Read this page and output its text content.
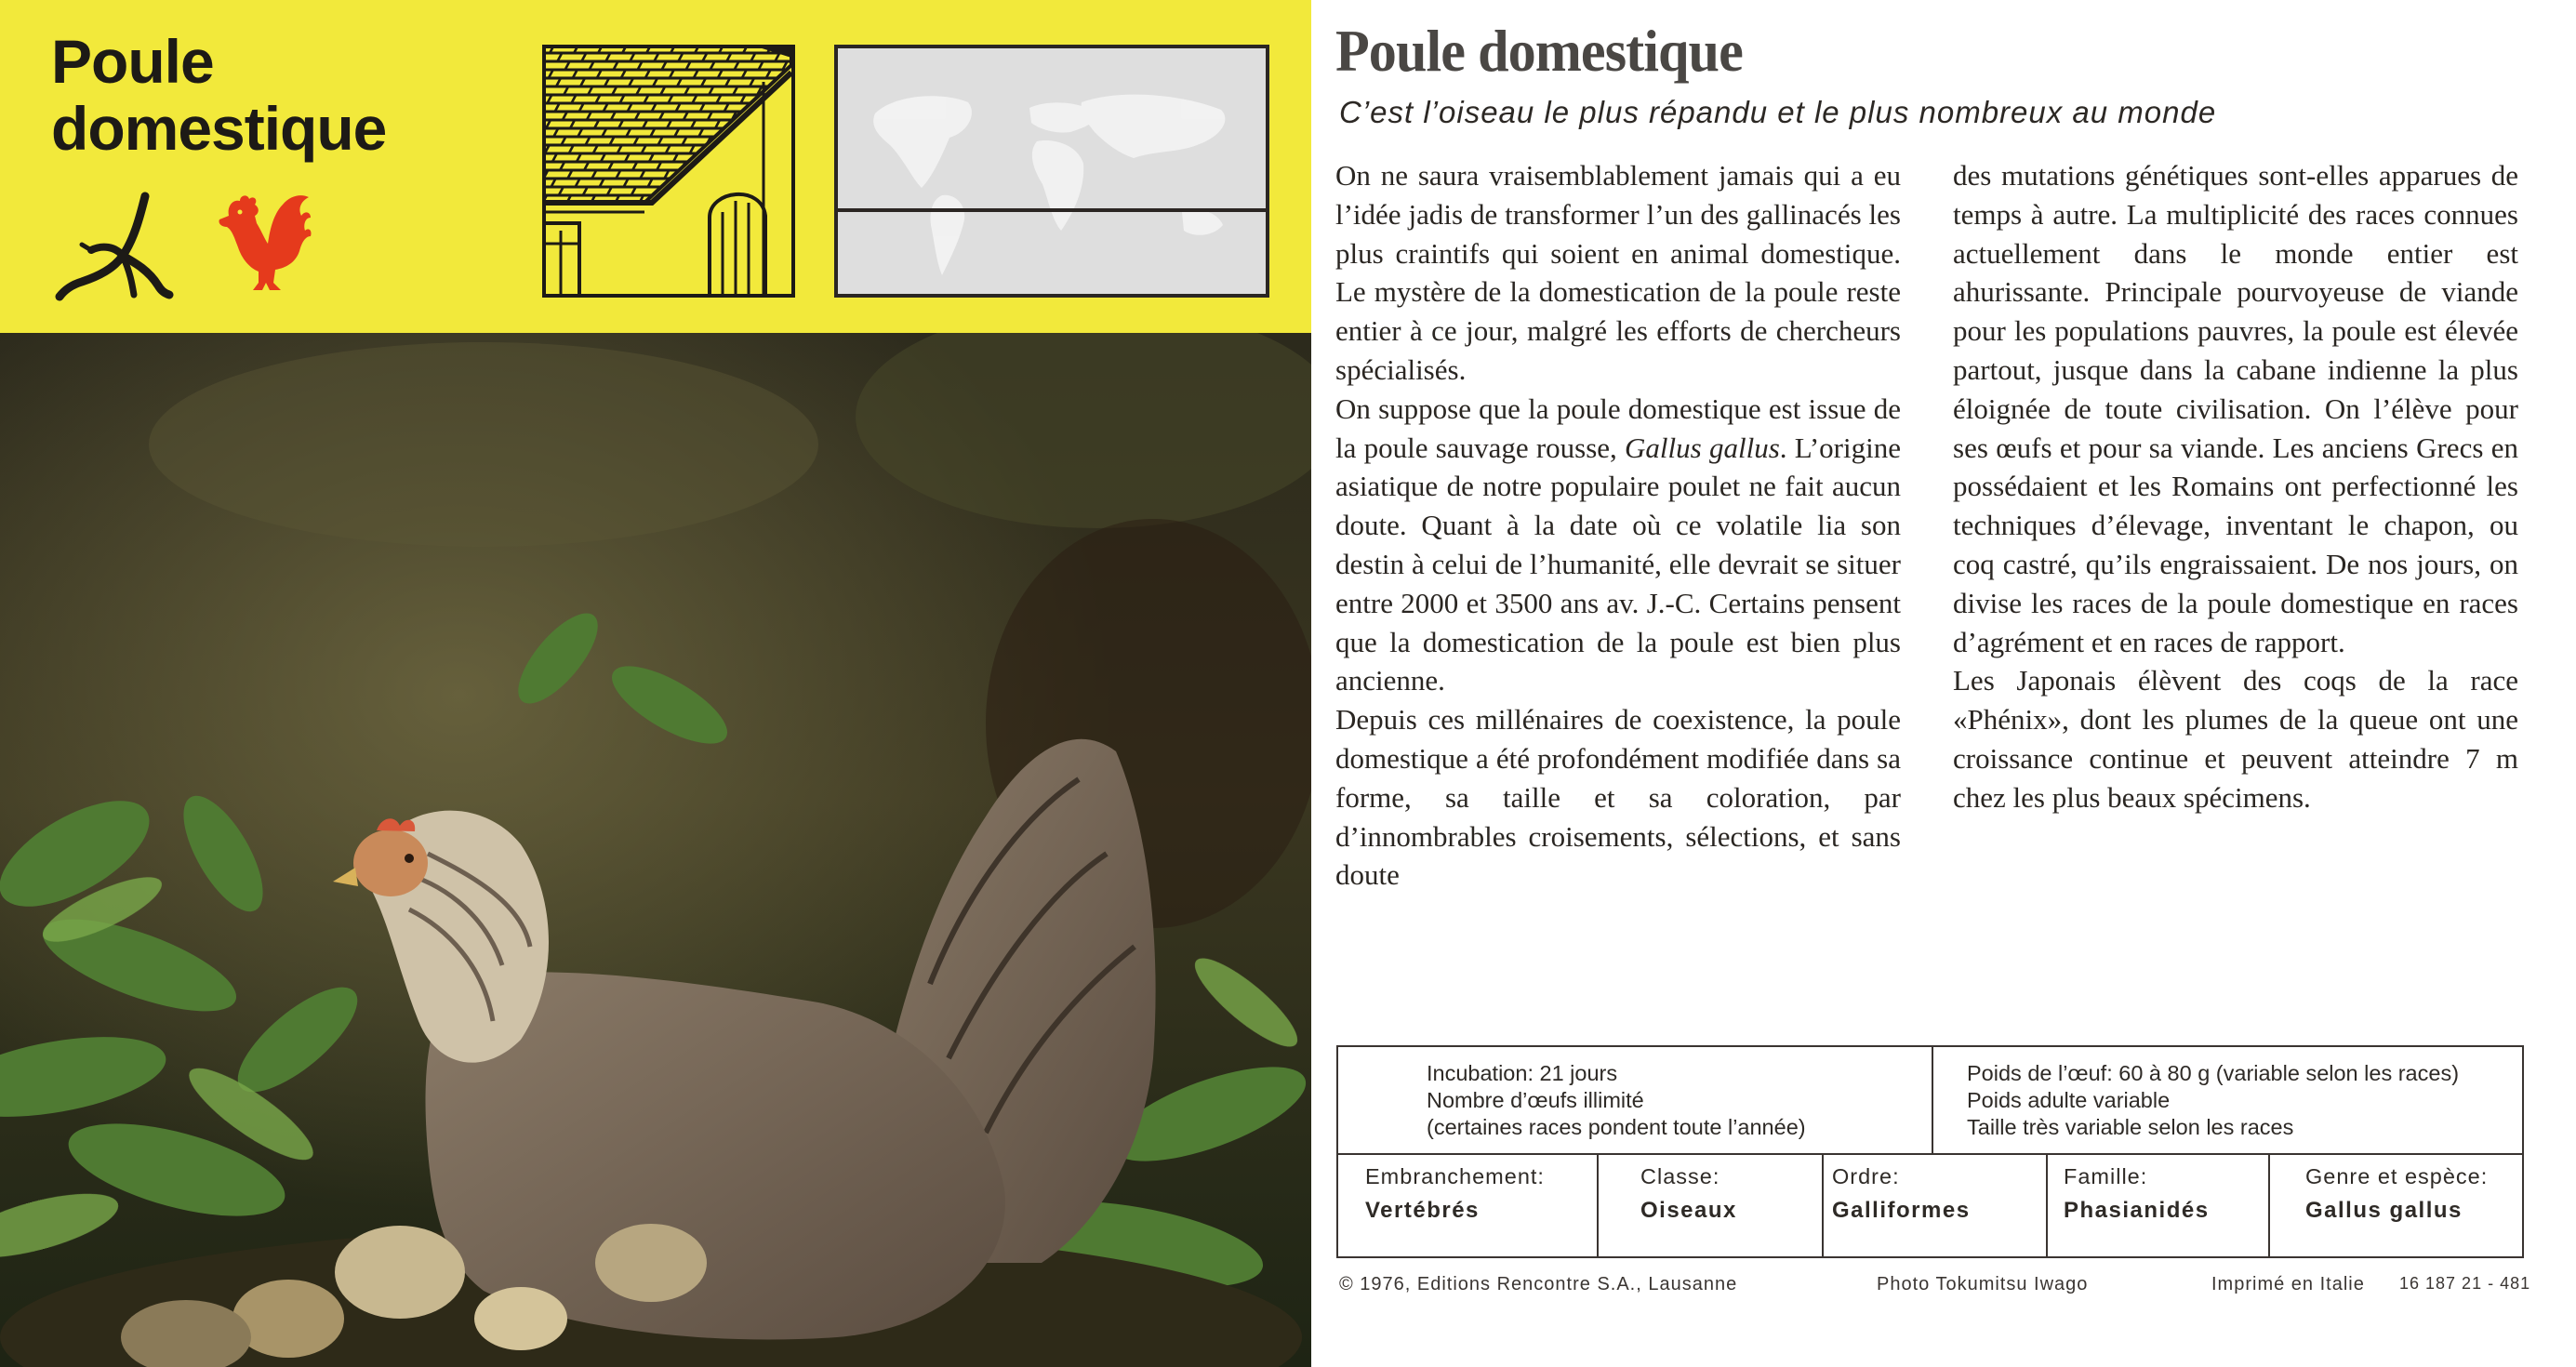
Poule
domestique
Poule domestique
C’est l’oiseau le plus répandu et le plus nombreux au monde

On ne saura vraisemblablement jamais qui a eu l’idée jadis de transformer l’un des gallinacés les plus craintifs qui soient en animal domestique. Le mystère de la domestication de la poule reste entier à ce jour, malgré les efforts de chercheurs spécialisés.

On suppose que la poule domestique est issue de la poule sauvage rousse, Gallus gallus. L’origine asiatique de notre populaire poulet ne fait aucun doute. Quant à la date où ce volatile lia son destin à celui de l’humanité, elle devrait se situer entre 2000 et 3500 ans av. J.-C. Certains pensent que la domestication de la poule est bien plus ancienne.

Depuis ces millénaires de coexistence, la poule domestique a été profondément modifiée dans sa forme, sa taille et sa coloration, par d’innombrables croisements, sélections, et sans doute

des mutations génétiques sont-elles apparues de temps à autre. La multiplicité des races connues actuellement dans le monde entier est ahurissante. Principale pourvoyeuse de viande pour les populations pauvres, la poule est élevée partout, jusque dans la cabane indienne la plus éloignée de toute civilisation. On l’élève pour ses œufs et pour sa viande. Les anciens Grecs en possédaient et les Romains ont perfectionné les techniques d’élevage, inventant le chapon, ou coq castré, qu’ils engraissaient. De nos jours, on divise les races de la poule domestique en races d’agrément et en races de rapport.

Les Japonais élèvent des coqs de la race «Phénix», dont les plumes de la queue ont une croissance continue et peuvent atteindre 7 m chez les plus beaux spécimens.

Incubation: 21 jours
Nombre d’œufs illimité
(certaines races pondent toute l’année)
Poids de l’œuf: 60 à 80 g (variable selon les races)
Poids adulte variable
Taille très variable selon les races
Embranchement:
Vertébrés
Classe:
Oiseaux
Ordre:
Galliformes
Famille:
Phasianidés
Genre et espèce:
Gallus gallus
© 1976, Editions Rencontre S.A., Lausanne	Photo Tokumitsu Iwago	Imprimé en Italie 16 187 21 - 481
